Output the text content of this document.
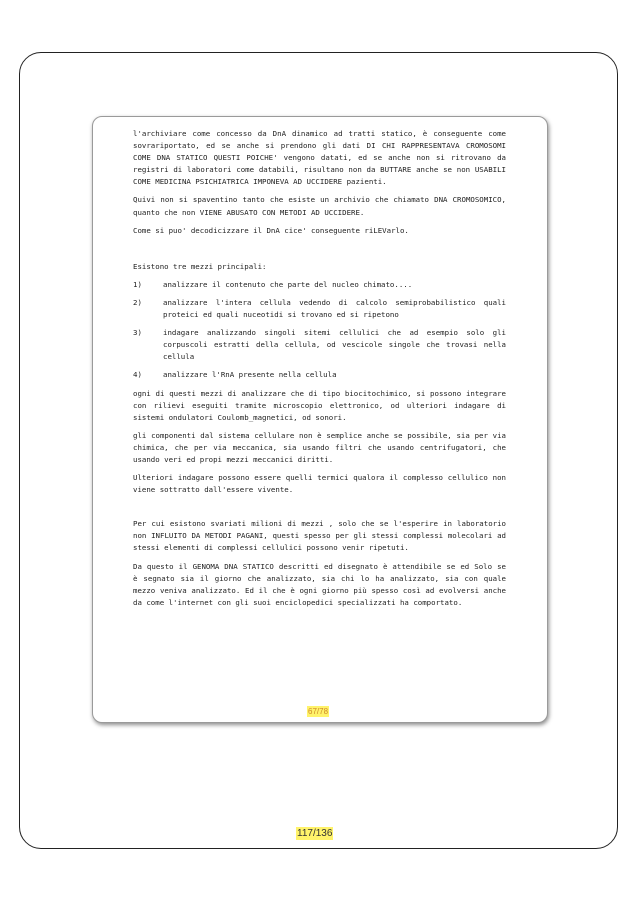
l'archiviare come concesso da DnA dinamico ad tratti statico, è conseguente come sovrariportato, ed se anche si prendono gli dati DI CHI RAPPRESENTAVA CROMOSOMI COME DNA STATICO QUESTI POICHE' vengono datati, ed se anche non si ritrovano da registri di laboratori come databili, risultano non da BUTTARE anche se non USABILI COME MEDICINA PSICHIATRICA IMPONEVA AD UCCIDERE pazienti.

Quivi non si spaventino tanto che esiste un archivio che chiamato DNA CROMOSOMICO, quanto che non VIENE ABUSATO CON METODI AD UCCIDERE.

Come si puo' decodicizzare il DnA cice' conseguente riLEVarlo.

Esistono tre mezzi principali:

1)	analizzare il contenuto che parte del nucleo chimato....
2)	analizzare l'intera cellula vedendo di calcolo semiprobabilistico quali proteici ed quali nuceotidi si trovano ed si ripetono
3)	indagare analizzando singoli sitemi cellulici che ad esempio solo gli corpuscoli estratti della cellula, od vescicole singole che trovasi nella cellula
4)	analizzare l'RnA presente nella cellula

ogni di questi mezzi di analizzare che di tipo biocitochimico, si possono integrare con rilievi eseguiti tramite microscopio elettronico, od ulteriori indagare di sistemi ondulatori Coulomb_magnetici, od sonori.

gli componenti dal sistema cellulare non è semplice anche se possibile, sia per via chimica, che per via meccanica, sia usando filtri che usando centrifugatori, che usando veri ed propi mezzi meccanici diritti.

Ulteriori indagare possono essere quelli termici qualora il complesso cellulico non viene sottratto dall'essere vivente.

Per cui esistono svariati milioni di mezzi , solo che se l'esperire in laboratorio non INFLUITO DA METODI PAGANI, questi spesso per gli stessi complessi molecolari ad stessi elementi di complessi cellulici possono venir ripetuti.

Da questo il GENOMA DNA STATICO descritti ed disegnato è attendibile se ed Solo se è segnato sia il giorno che analizzato, sia chi lo ha analizzato, sia con quale mezzo veniva analizzato. Ed il che è ogni giorno più spesso così ad evolversi anche da come l'internet con gli suoi enciclopedici specializzati ha comportato.

67/78
117/136
